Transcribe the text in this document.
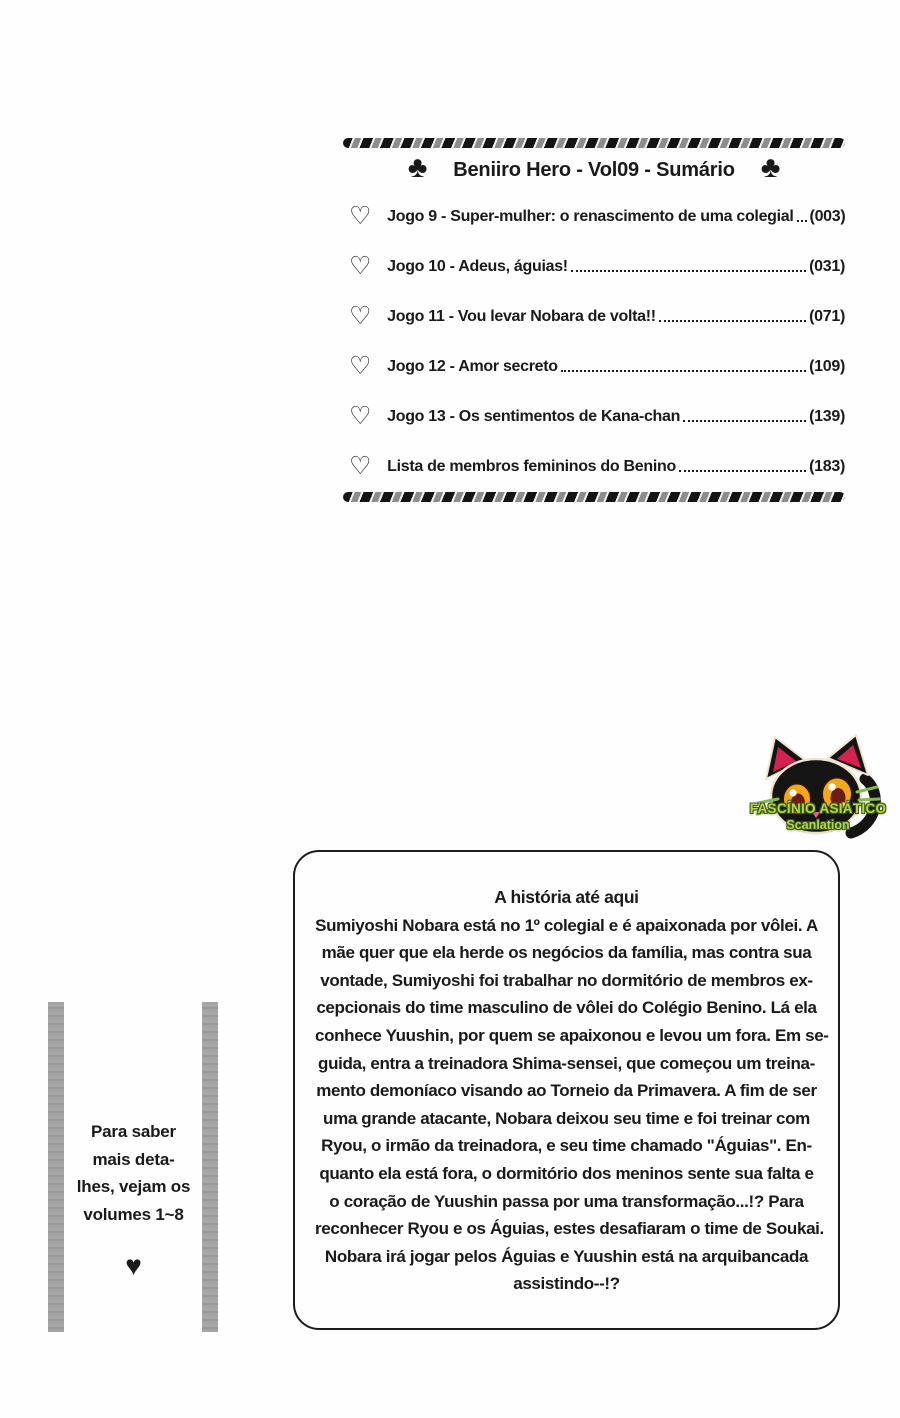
♣ Beniiro Hero - Vol09 - Sumário ♣
♡ Jogo 9 - Super-mulher: o renascimento de uma colegial (003)
♡ Jogo 10 - Adeus, águias!	(031)
♡ Jogo 11 - Vou levar Nobara de volta!!	(071)
♡ Jogo 12 - Amor secreto	(109)
♡ Jogo 13 - Os sentimentos de Kana-chan	(139)
♡ Lista de membros femininos do Benino	(183)
FASCÍNIO ASIÁTICO
Scanlation
A história até aqui
Sumiyoshi Nobara está no 1º colegial e é apaixonada por vôlei. A
mãe quer que ela herde os negócios da família, mas contra sua
vontade, Sumiyoshi foi trabalhar no dormitório de membros ex-
cepcionais do time masculino de vôlei do Colégio Benino. Lá ela
conhece Yuushin, por quem se apaixonou e levou um fora. Em se-
guida, entra a treinadora Shima-sensei, que começou um treina-
mento demoníaco visando ao Torneio da Primavera. A fim de ser
uma grande atacante, Nobara deixou seu time e foi treinar com
Ryou, o irmão da treinadora, e seu time chamado "Águias". En-
quanto ela está fora, o dormitório dos meninos sente sua falta e
o coração de Yuushin passa por uma transformação...!? Para
reconhecer Ryou e os Águias, estes desafiaram o time de Soukai.
Nobara irá jogar pelos Águias e Yuushin está na arquibancada
assistindo--!?
Para saber
mais deta-
lhes, vejam os
volumes 1~8
♥
